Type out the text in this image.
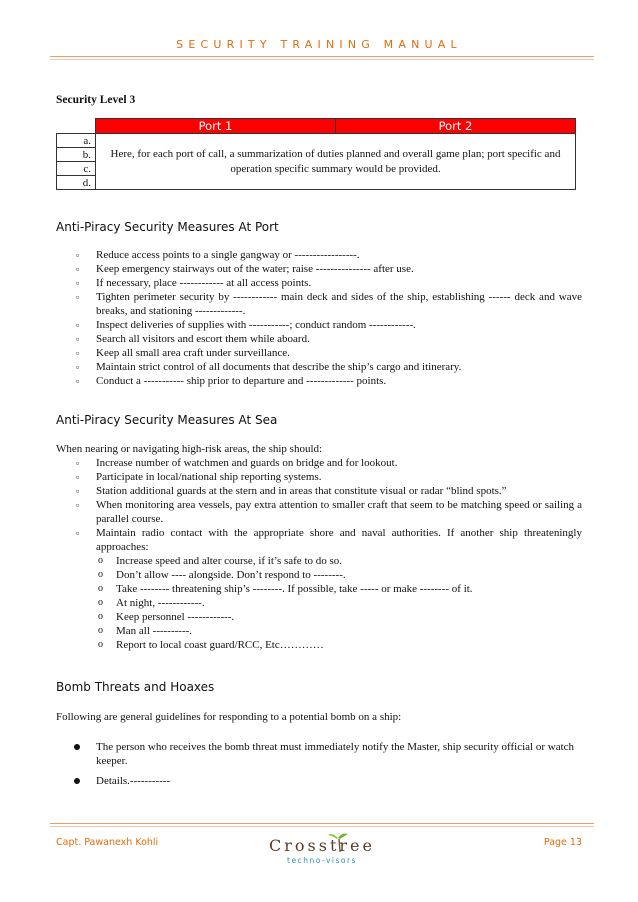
SECURITY TRAINING MANUAL
Security Level 3
	Port 1	Port 2
a.	Here, for each port of call, a summarization of duties planned and overall game plan; port specific and operation specific summary would be provided.	
b.		
c.		
d.		
Anti-Piracy Security Measures At Port
▫ Reduce access points to a single gangway or -----------------.
▫ Keep emergency stairways out of the water; raise --------------- after use.
▫ If necessary, place ------------ at all access points.
▫ Tighten perimeter security by ------------ main deck and sides of the ship, establishing ------ deck and wave breaks, and stationing -------------.
▫ Inspect deliveries of supplies with -----------; conduct random ------------.
▫ Search all visitors and escort them while aboard.
▫ Keep all small area craft under surveillance.
▫ Maintain strict control of all documents that describe the ship’s cargo and itinerary.
▫ Conduct a ----------- ship prior to departure and ------------- points.
Anti-Piracy Security Measures At Sea
When nearing or navigating high-risk areas, the ship should:
▫ Increase number of watchmen and guards on bridge and for lookout.
▫ Participate in local/national ship reporting systems.
▫ Station additional guards at the stern and in areas that constitute visual or radar “blind spots.”
▫ When monitoring area vessels, pay extra attention to smaller craft that seem to be matching speed or sailing a parallel course.
▫ Maintain radio contact with the appropriate shore and naval authorities. If another ship threateningly approaches:
o Increase speed and alter course, if it’s safe to do so.
o Don’t allow ---- alongside. Don’t respond to --------.
o Take -------- threatening ship’s --------. If possible, take ----- or make -------- of it.
o At night, ------------.
o Keep personnel ------------.
o Man all ----------.
o Report to local coast guard/RCC, Etc…………
Bomb Threats and Hoaxes
Following are general guidelines for responding to a potential bomb on a ship:
The person who receives the bomb threat must immediately notify the Master, ship security official or watch keeper.
Details.-----------
Capt. Pawanexh Kohli	Crosstree
techno-visors
Page 13
